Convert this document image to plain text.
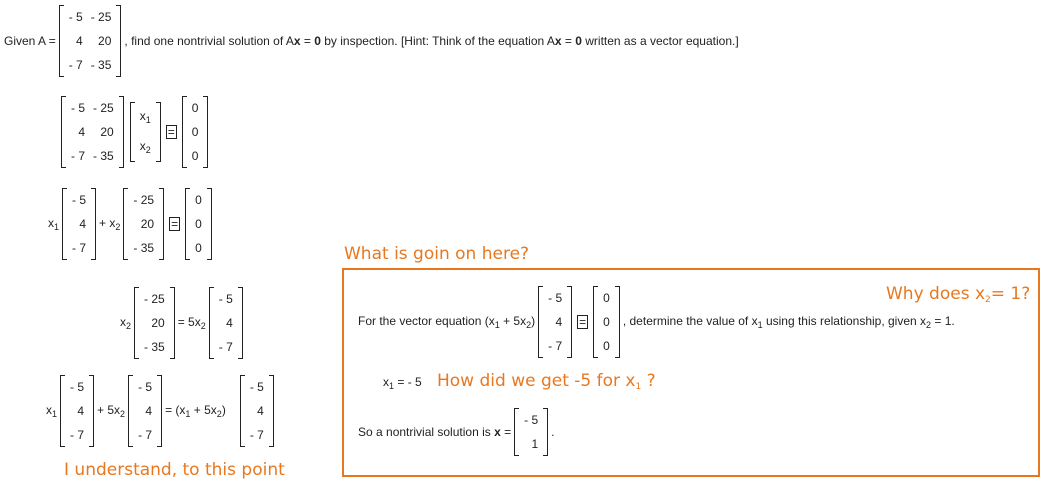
Given A =
- 5	- 25
4	20
- 7	- 35
, find one nontrivial solution of Ax = 0 by inspection. [Hint: Think of the equation Ax = 0 written as a vector equation.]
- 5	- 25
4	20
- 7	- 35
$x_1$
$x_2$
=
0
0
0
$x_1$
- 5
4
- 7
+ $x_2$
- 25
20
- 35
=
0
0
0
$x_2$
- 25
20
- 35
= $5x_2$
- 5
4
- 7
$x_1$
- 5
4
- 7
+ $5x_2$
- 5
4
- 7
= $(x_1 + 5x_2)$
- 5
4
- 7
What is goin on here?
I understand, to this point
Why does $x_2= 1$?
For the vector equation $(x_1 + 5x_2)$
- 5
4
- 7
=
0
0
0
, determine the value of $x_1$ using this relationship, given $x_2 = 1$.
$x_1$ = - 5 How did we get -5 for $x_1$ ?
So a nontrivial solution is x =
- 5
1
.
